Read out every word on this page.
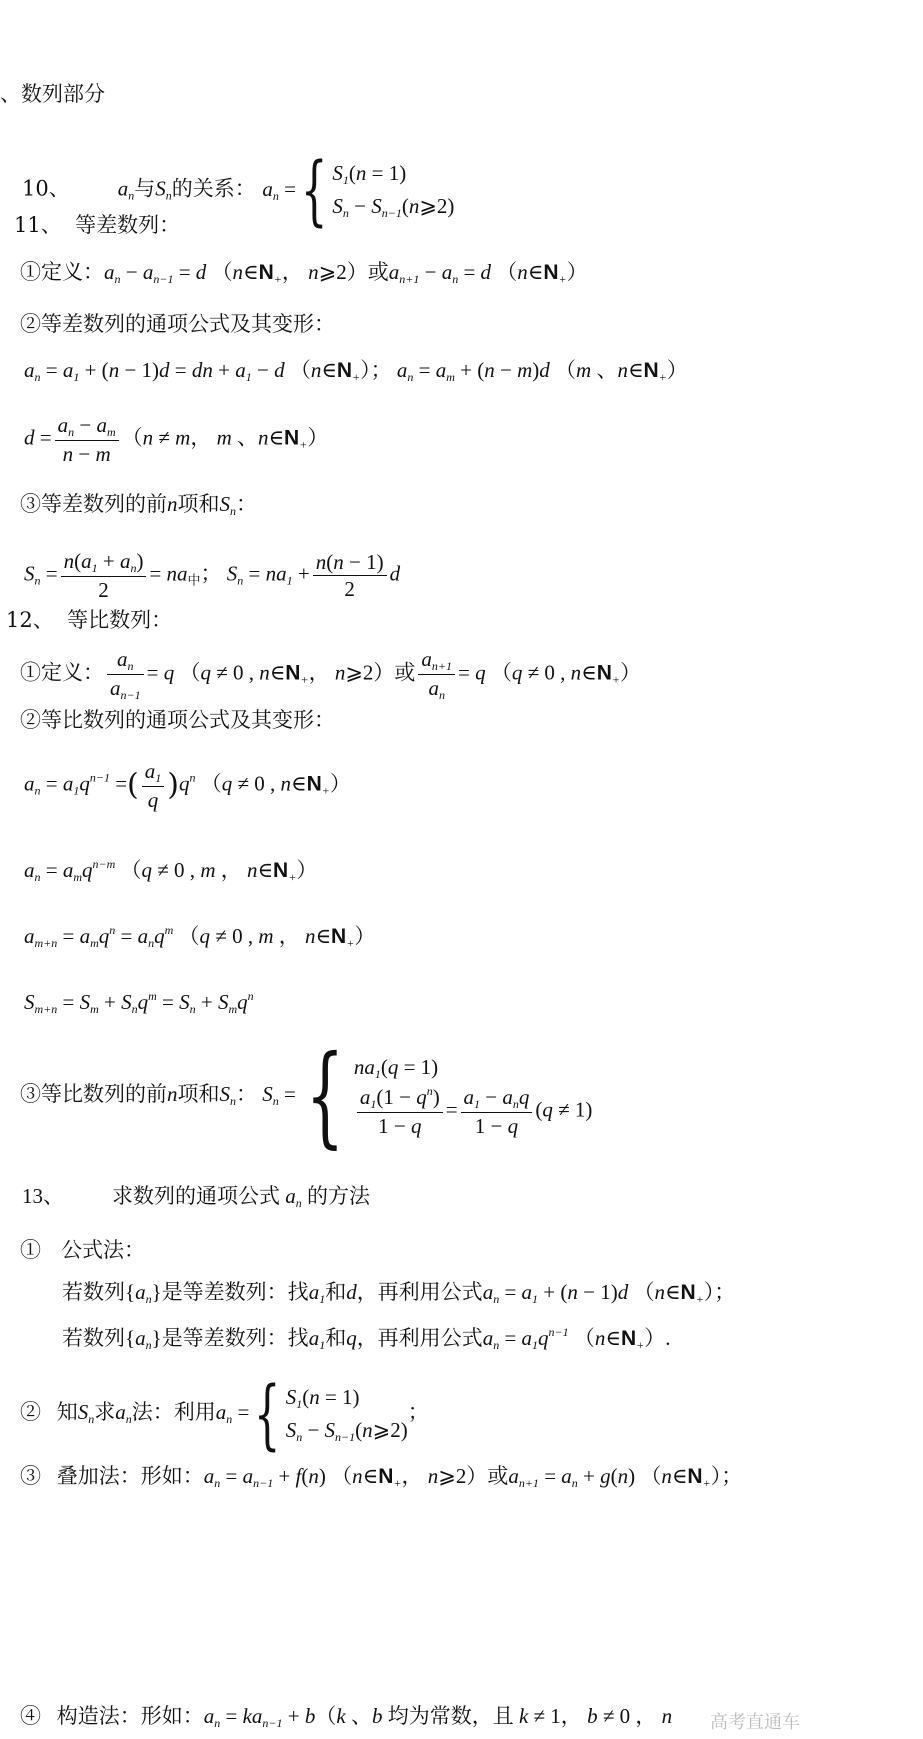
、数列部分
10、 $a_n$与$S_n$的关系： $a_n$ ={ $S_1(n = 1)$
$S_n$ − $S_{n-1}(n⩾2)$
11、 等差数列：
①定义：$a_n - a_{n-1} = d$ （$n\in N_+$， n⩾2）或$a_{n+1} - a_n = d$ $(n\in N_+)$
②等差数列的通项公式及其变形：
$a_n = a_1 + (n - 1)d$ = dn + $a_1 - d$ $(n\in N_+)$； $a_n = a_m + (n - m)d$ （m 、$n\in N_+$）
$d = \frac{a_n - a_m}{n - m} (n \ne m$， m 、$n\in N_+$）
③等差数列的前n项和$S_n$：
$S_n = \frac{n(a_1 + a_n)}{2}$ = na中； $S_n = na_1 + \frac{n(n - 1)}{2}$ d
12、 等比数列：
①定义： $\frac{a_n}{a_{n-1}} = q$ （q ≠ 0 , $n\in N_+$， n⩾2）或 $\frac{a_{n+1}}{a_n} = q$ （q ≠ 0 , $n\in N_+$）
②等比数列的通项公式及其变形：
$a_n = a_1q^{n-1}$ =( $\frac{a_1}{q} )q^n$ （q ≠ 0 , $n\in N_+$）
$a_n = a_mq^{n-m}$ （q ≠ 0 , m ， $n\in N_+$）
$a_{m+n} = a_mq^n = a_nq^m$ （q ≠ 0 , m ， $n\in N_+$）
$S_{m+n} = S_m + S_nq^m = S_n + S_mq^n$
③等比数列的前n项和$S_n$： $S_n$ ={ $na_1(q = 1)$
$\frac{a_1(1 - q^n)}{1 - q} = \frac{a_1 - a_nq}{1 - q} (q \ne 1)$
13、 求数列的通项公式 $a_n$ 的方法
① 公式法：
若数列$\{a_n\}$是等差数列：找$a_1$和d，再利用公式$a_n = a_1 + (n - 1)d$ $(n\in N_+)$；
若数列$\{a_n\}$是等差数列：找$a_1$和q，再利用公式$a_n = a_1q^{n-1}$ $(n\in N_+)$.
② 知$S_n$求$a_n$法：利用$a_n$ ={ $S_1(n = 1)$
$S_n$ − $S_{n-1}(n⩾2)$
；
③ 叠加法：形如：$a_n = a_{n-1} + f(n)$ （$n\in N_+$， n⩾2）或$a_{n+1} = a_n + g(n)$ $(n\in N_+)$；
④ 构造法：形如：$a_n = ka_{n-1} + b(k$ 、b 均为常数，且 k ≠ 1， b ≠ 0 ， n 高考直通车
